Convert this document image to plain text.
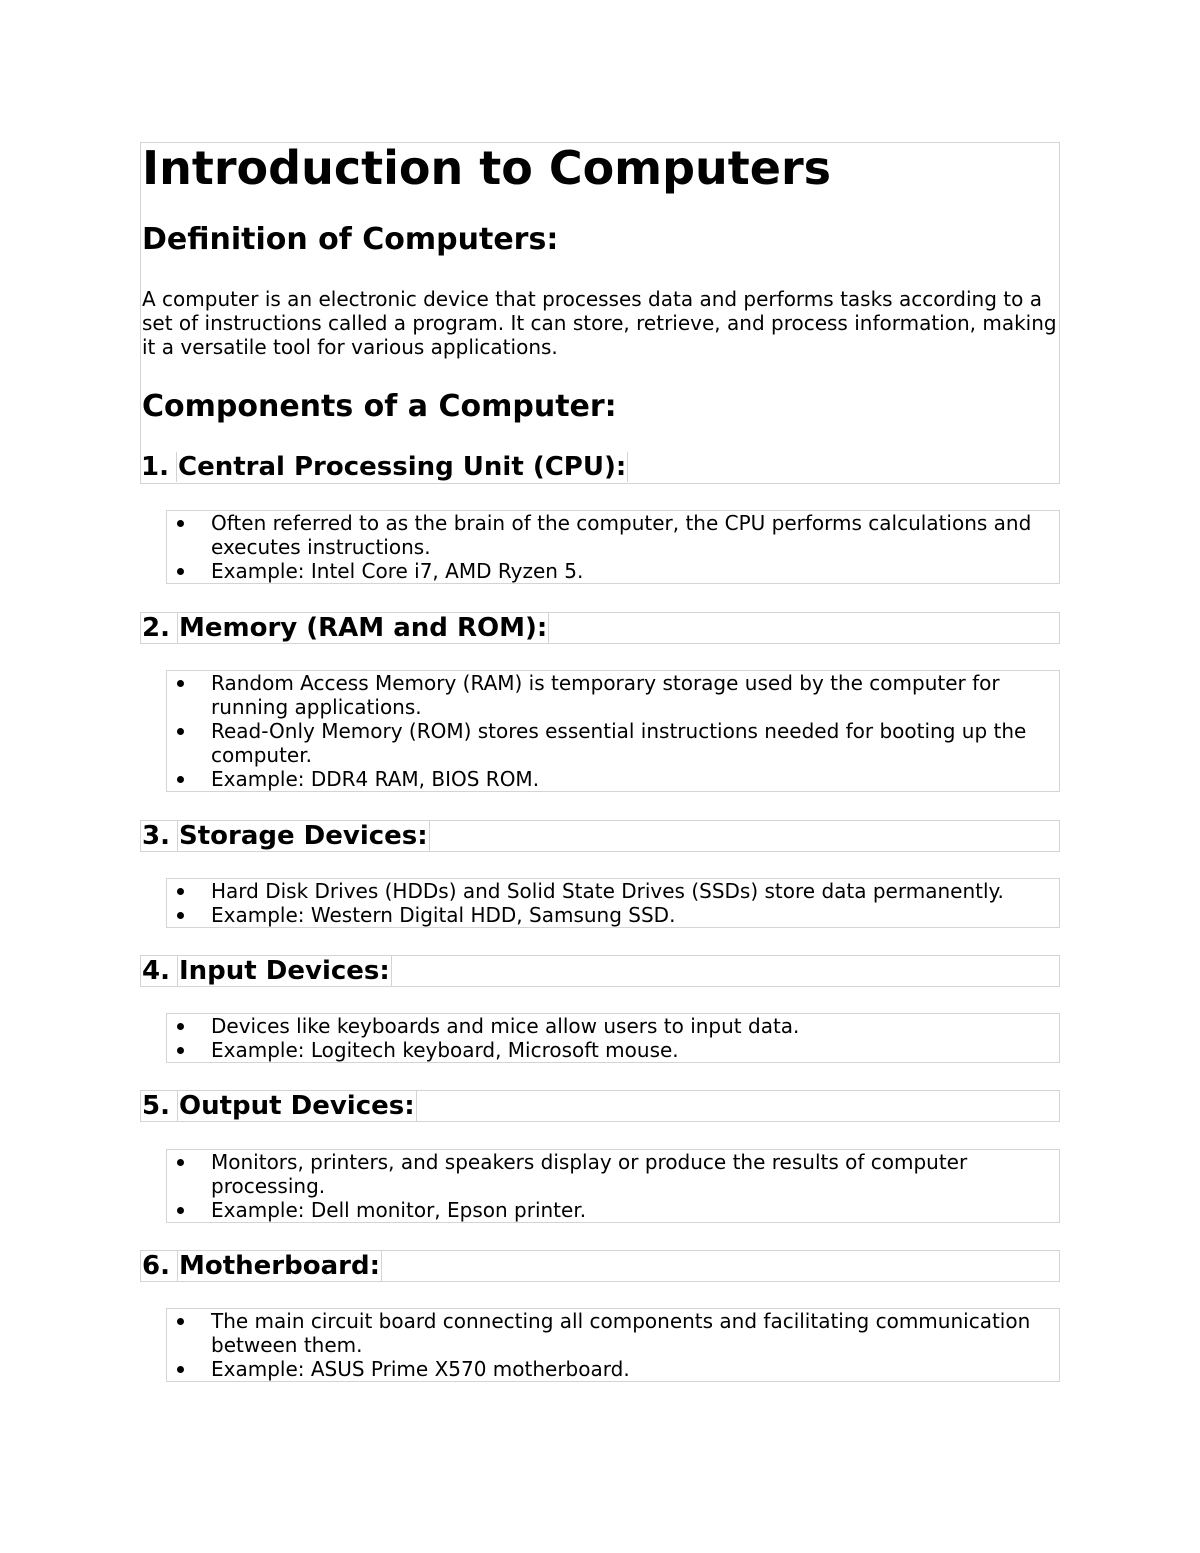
Introduction to Computers
Definition of Computers:

A computer is an electronic device that processes data and performs tasks according to a set of instructions called a program. It can store, retrieve, and process information, making it a versatile tool for various applications.

Components of a Computer:
1. Central Processing Unit (CPU):
Often referred to as the brain of the computer, the CPU performs calculations and executes instructions.
Example: Intel Core i7, AMD Ryzen 5.
2. Memory (RAM and ROM):
Random Access Memory (RAM) is temporary storage used by the computer for running applications.
Read-Only Memory (ROM) stores essential instructions needed for booting up the computer.
Example: DDR4 RAM, BIOS ROM.
3. Storage Devices:
Hard Disk Drives (HDDs) and Solid State Drives (SSDs) store data permanently.
Example: Western Digital HDD, Samsung SSD.
4. Input Devices:
Devices like keyboards and mice allow users to input data.
Example: Logitech keyboard, Microsoft mouse.
5. Output Devices:
Monitors, printers, and speakers display or produce the results of computer processing.
Example: Dell monitor, Epson printer.
6. Motherboard:
The main circuit board connecting all components and facilitating communication between them.
Example: ASUS Prime X570 motherboard.
